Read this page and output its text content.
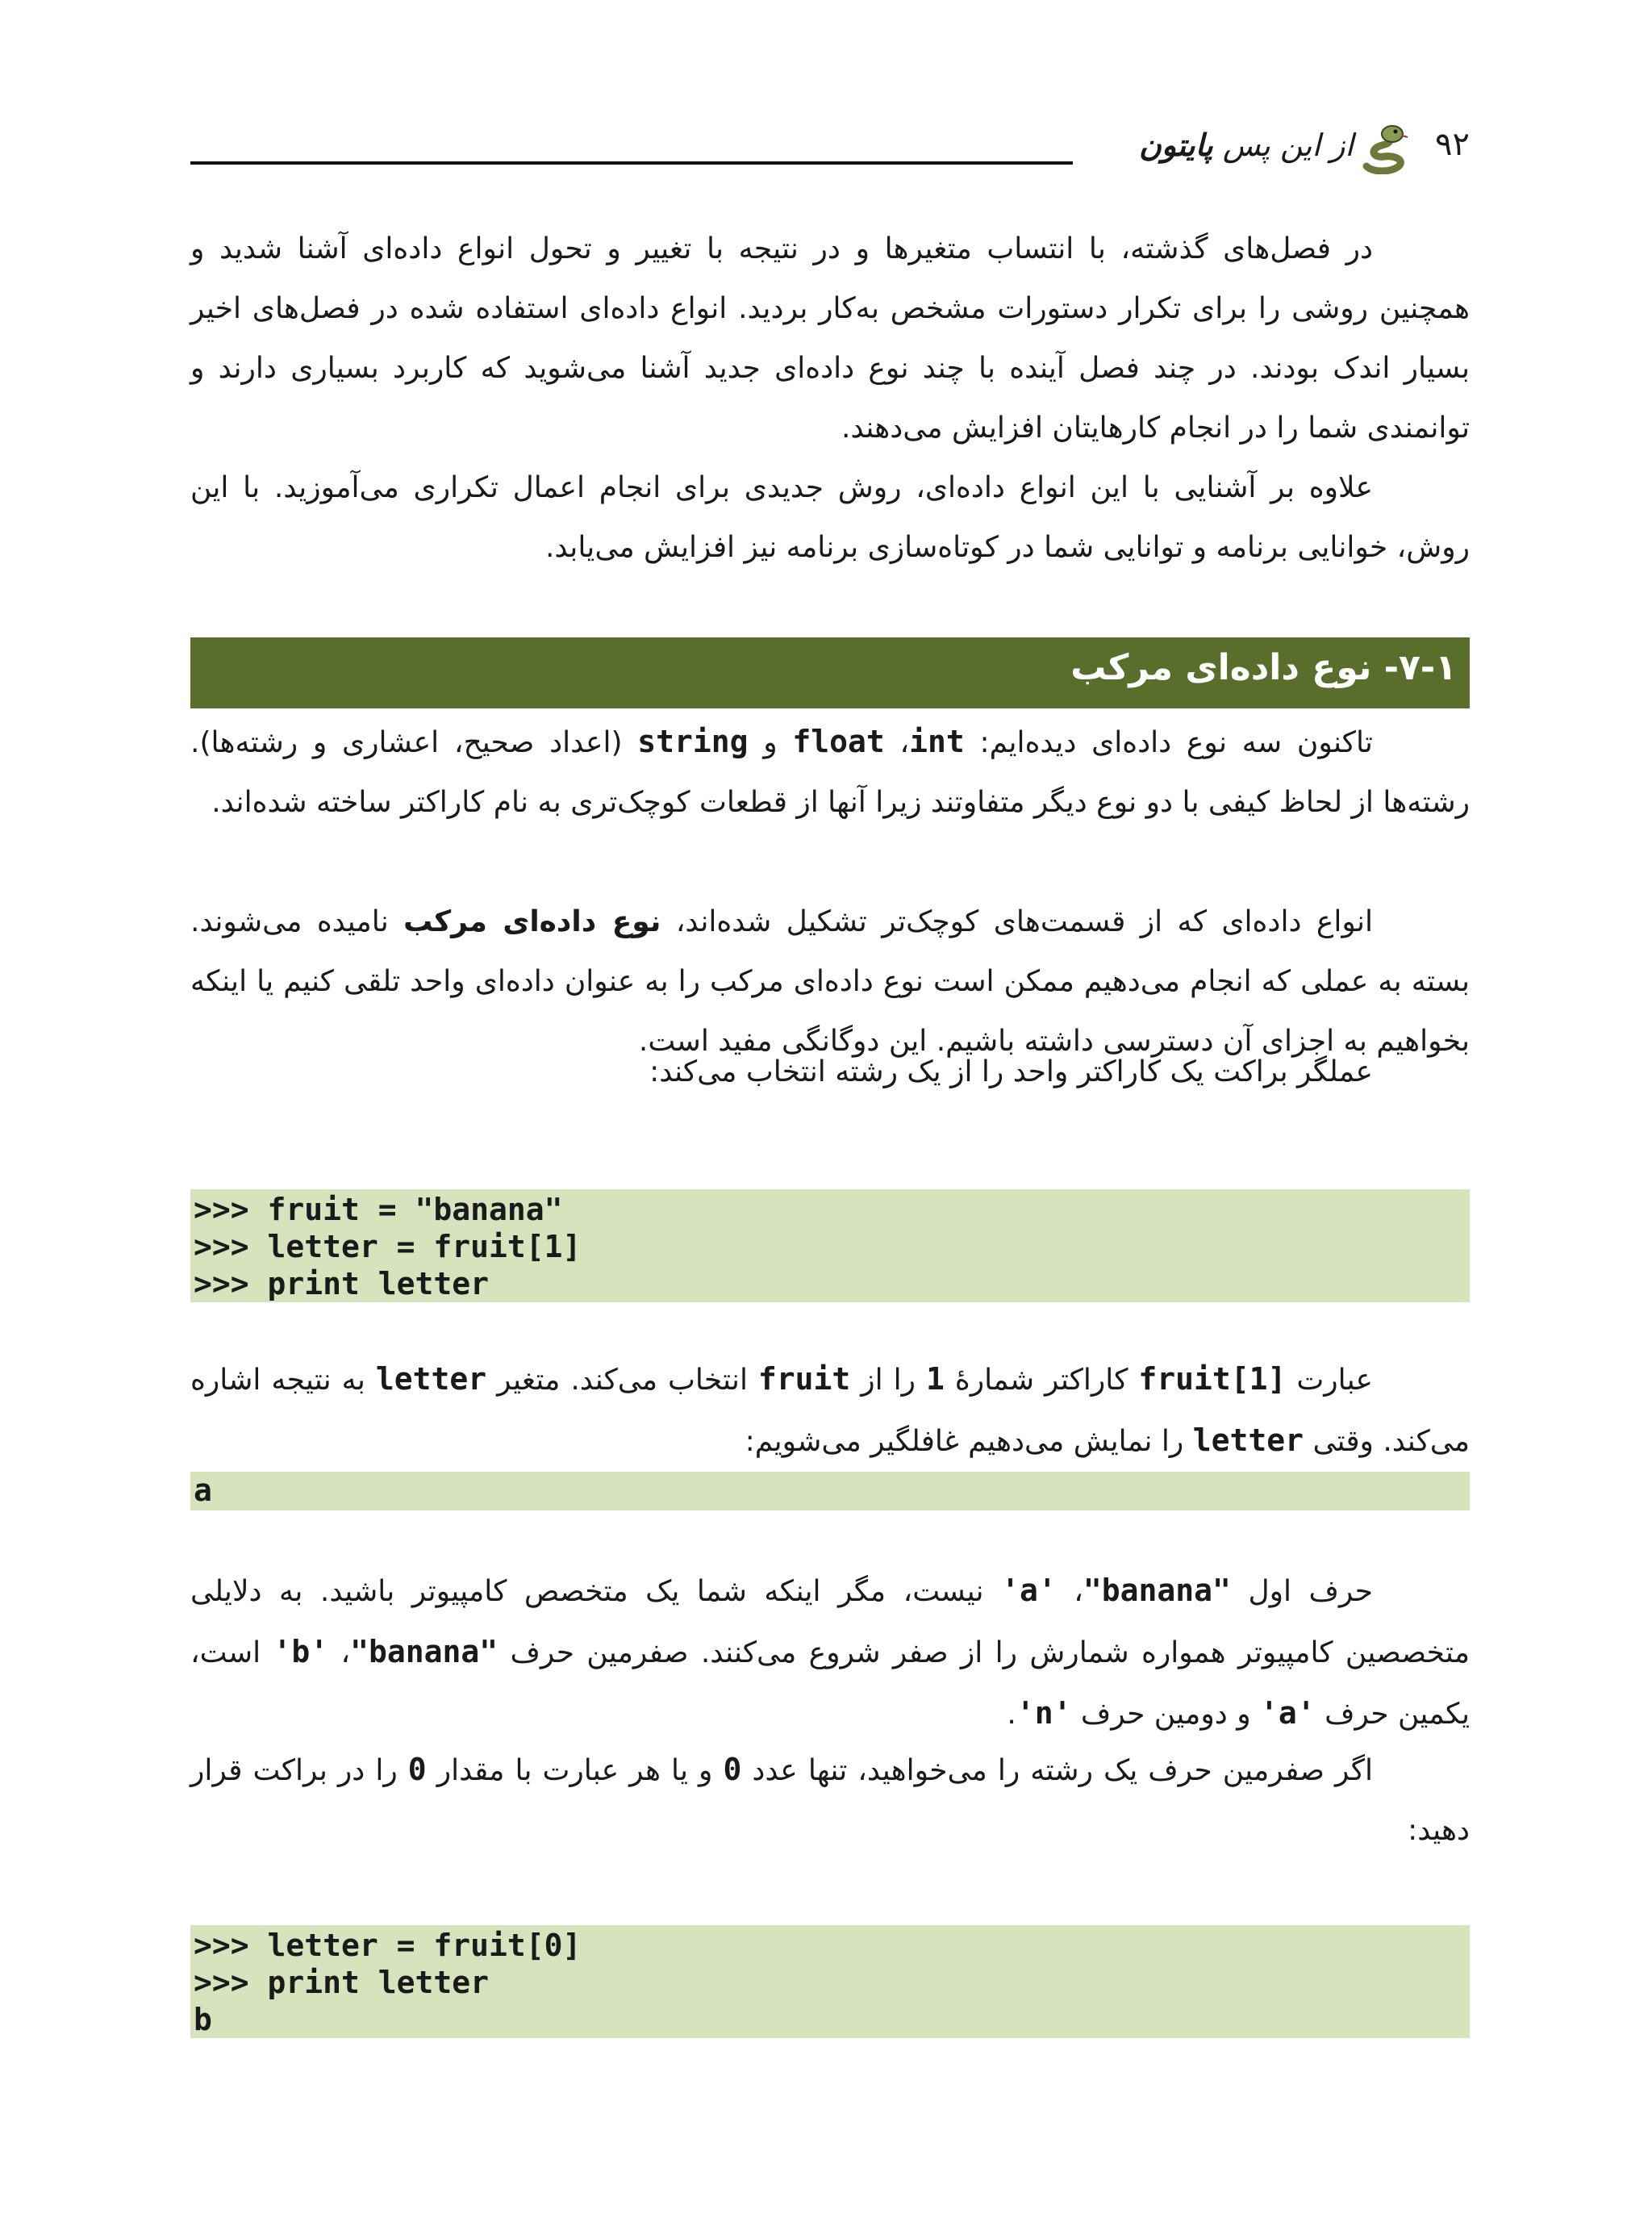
از این پس پایتون	۹۲

در فصل‌های گذشته، با انتساب متغیرها و در نتیجه با تغییر و تحول انواع داده‌ای آشنا شدید و همچنین روشی را برای تکرار دستورات مشخص به‌کار بردید. انواع داده‌ای استفاده شده در فصل‌های اخیر بسیار اندک بودند. در چند فصل آینده با چند نوع داده‌ای جدید آشنا می‌شوید که کاربرد بسیاری دارند و توانمندی شما را در انجام کارهایتان افزایش می‌دهند.

علاوه بر آشنایی با این انواع داده‌ای، روش جدیدی برای انجام اعمال تکراری می‌آموزید. با این روش، خوانایی برنامه و توانایی شما در کوتاه‌سازی برنامه نیز افزایش می‌یابد.

۷-۱- نوع داده‌ای مرکب

تاکنون سه نوع داده‌ای دیده‌ایم: int، float و string (اعداد صحیح، اعشاری و رشته‌ها). رشته‌ها از لحاظ کیفی با دو نوع دیگر متفاوتند زیرا آنها از قطعات کوچک‌تری به نام کاراکتر ساخته شده‌اند.

انواع داده‌ای که از قسمت‌های کوچک‌تر تشکیل شده‌اند، نوع داده‌ای مرکب نامیده می‌شوند. بسته به عملی که انجام می‌دهیم ممکن است نوع داده‌ای مرکب را به عنوان داده‌ای واحد تلقی کنیم یا اینکه بخواهیم به اجزای آن دسترسی داشته باشیم. این دوگانگی مفید است.

عملگر براکت یک کاراکتر واحد را از یک رشته انتخاب می‌کند:

>>> fruit = "banana"
>>> letter = fruit[1]
>>> print letter

عبارت fruit[1] کاراکتر شمارهٔ 1 را از fruit انتخاب می‌کند. متغیر letter به نتیجه اشاره می‌کند. وقتی letter را نمایش می‌دهیم غافلگیر می‌شویم:

a

حرف اول "banana"، 'a' نیست، مگر اینکه شما یک متخصص کامپیوتر باشید. به دلایلی متخصصین کامپیوتر همواره شمارش را از صفر شروع می‌کنند. صفرمین حرف "banana"، 'b' است، یکمین حرف 'a' و دومین حرف 'n'.

اگر صفرمین حرف یک رشته را می‌خواهید، تنها عدد 0 و یا هر عبارت با مقدار 0 را در براکت قرار دهید:

>>> letter = fruit[0]
>>> print letter
b
